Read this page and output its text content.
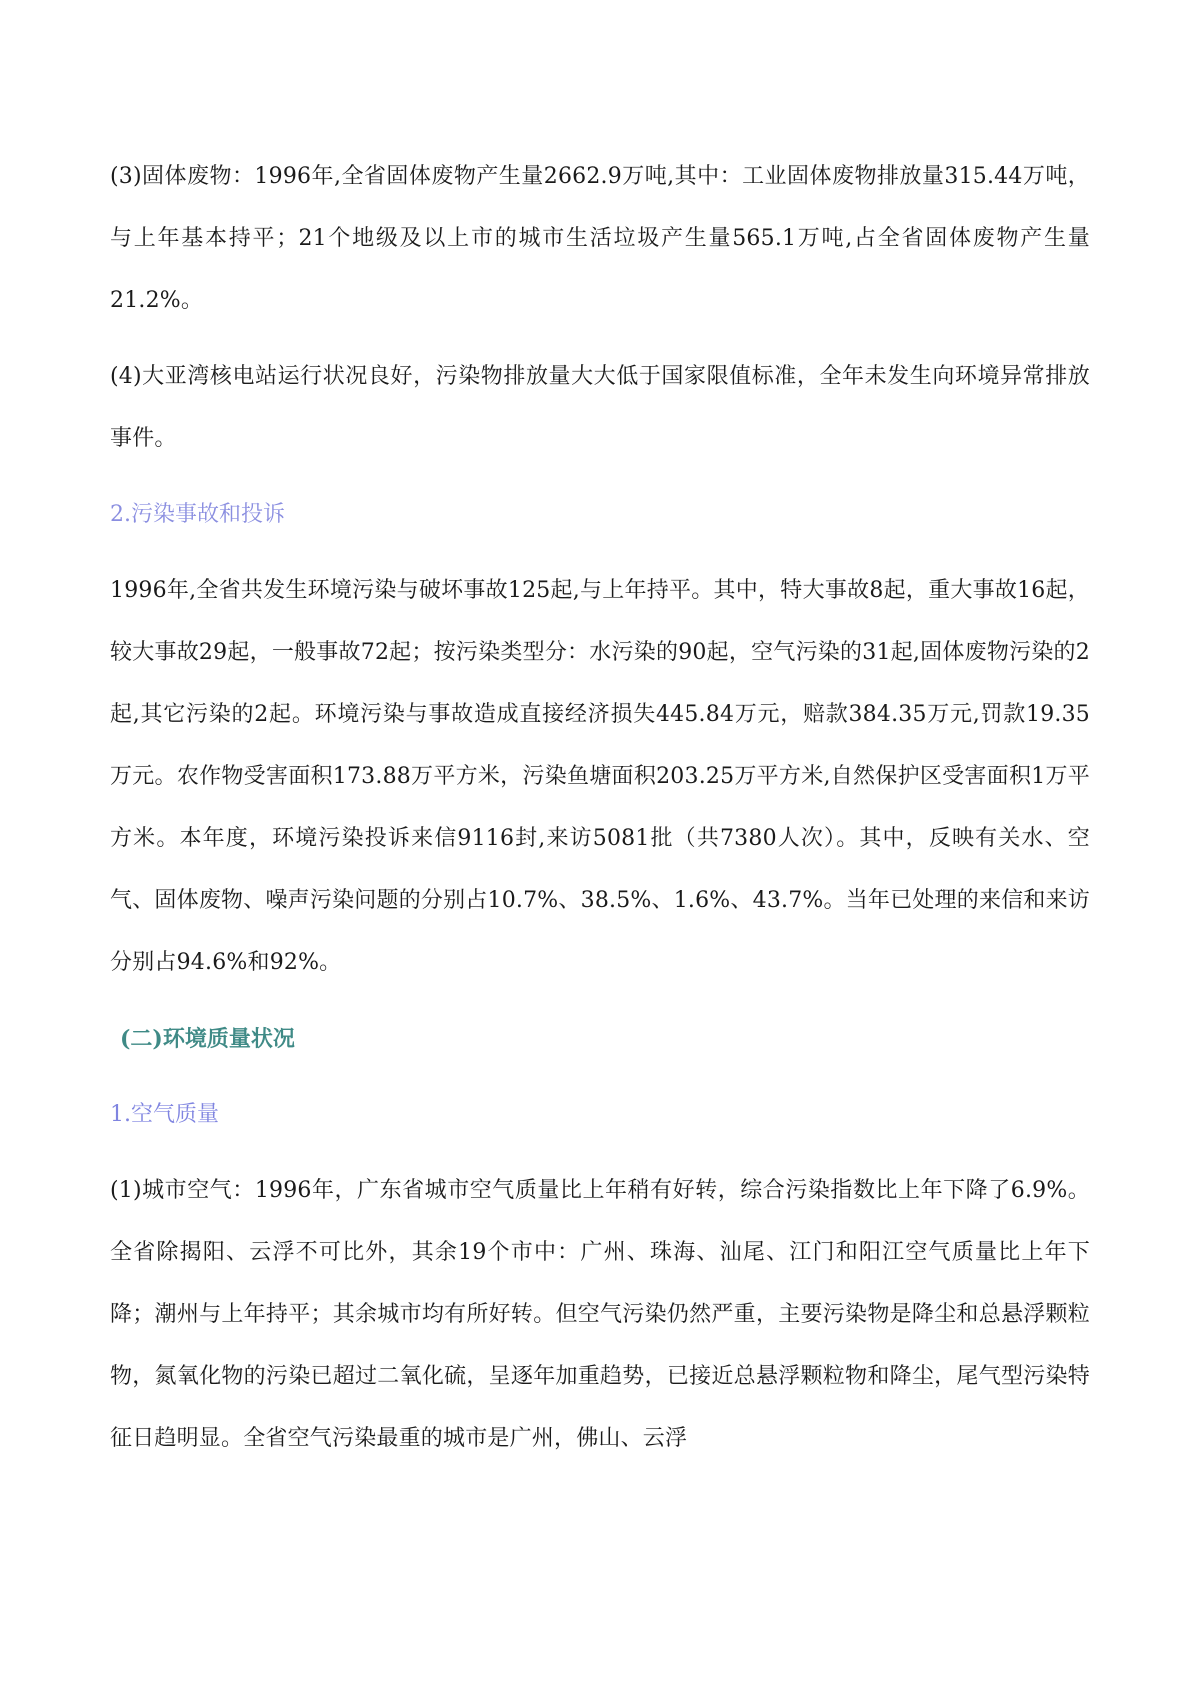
(3)固体废物：1996年,全省固体废物产生量2662.9万吨,其中：工业固体废物排放量315.44万吨，与上年基本持平；21个地级及以上市的城市生活垃圾产生量565.1万吨,占全省固体废物产生量21.2%。

(4)大亚湾核电站运行状况良好，污染物排放量大大低于国家限值标准，全年未发生向环境异常排放事件。

2.污染事故和投诉

1996年,全省共发生环境污染与破坏事故125起,与上年持平。其中，特大事故8起，重大事故16起，较大事故29起，一般事故72起；按污染类型分：水污染的90起，空气污染的31起,固体废物污染的2起,其它污染的2起。环境污染与事故造成直接经济损失445.84万元，赔款384.35万元,罚款19.35万元。农作物受害面积173.88万平方米，污染鱼塘面积203.25万平方米,自然保护区受害面积1万平方米。本年度，环境污染投诉来信9116封,来访5081批（共7380人次）。其中，反映有关水、空气、固体废物、噪声污染问题的分别占10.7%、38.5%、1.6%、43.7%。当年已处理的来信和来访分别占94.6%和92%。

(二)环境质量状况
1.空气质量

(1)城市空气：1996年，广东省城市空气质量比上年稍有好转，综合污染指数比上年下降了6.9%。全省除揭阳、云浮不可比外，其余19个市中：广州、珠海、汕尾、江门和阳江空气质量比上年下降；潮州与上年持平；其余城市均有所好转。但空气污染仍然严重，主要污染物是降尘和总悬浮颗粒物，氮氧化物的污染已超过二氧化硫，呈逐年加重趋势，已接近总悬浮颗粒物和降尘，尾气型污染特征日趋明显。全省空气污染最重的城市是广州，佛山、云浮
